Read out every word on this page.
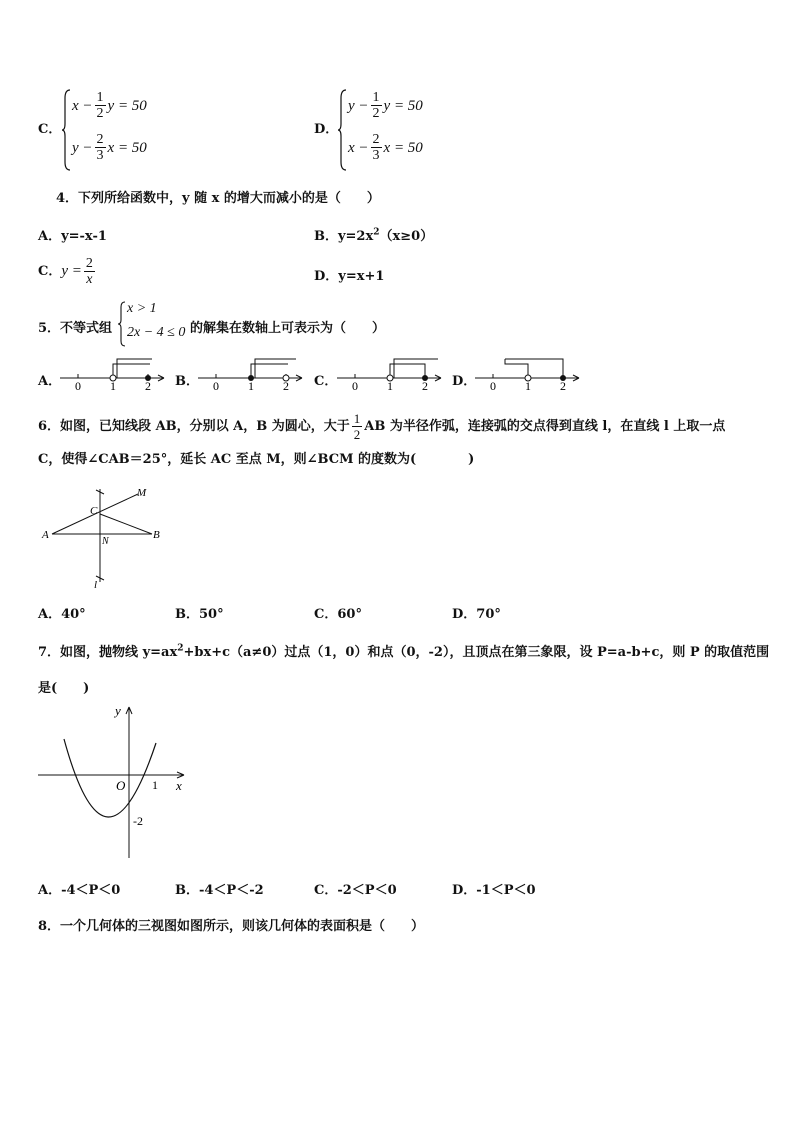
C．
$x - \frac{1}{2}$ y = 50
$y - \frac{2}{3}$ x = 50
D．
$y - \frac{1}{2}$ y = 50
$x - \frac{2}{3}$ x = 50
4．下列所给函数中，y 随 x 的增大而减小的是（　　）
A．y=-x-1	B．$y=2x^2(x\ge 0)$
C．$y = \frac{2}{x}$	D．y=x+1
5．不等式组
x > 1
2x − 4 ≤ 0 的解集在数轴上可表示为（　　）
A． 0 1 2 B． 0 1 2 C． 0 1 2 D． 0 1 2
6．如图，已知线段 AB，分别以 A，B 为圆心，大于 $\frac{1}{2}$ AB 为半径作弧，连接弧的交点得到直线 l，在直线 l 上取一点
C，使得∠CAB＝25°，延长 AC 至点 M，则∠BCM 的度数为(　　　　)
A	B
C
N
M
l
A．40°	B．50°	C．60°	D．70°
7．如图，抛物线 $y=ax^2+bx+c(a\ne 0)$过点（1，0）和点（0，-2），且顶点在第三象限，设 P=a-b+c，则 P 的取值范围
是(　　)
y
x
O 1
-2
A．-4＜P＜0	B．-4＜P＜-2	C．-2＜P＜0	D．-1＜P＜0
8．一个几何体的三视图如图所示，则该几何体的表面积是（　　）
